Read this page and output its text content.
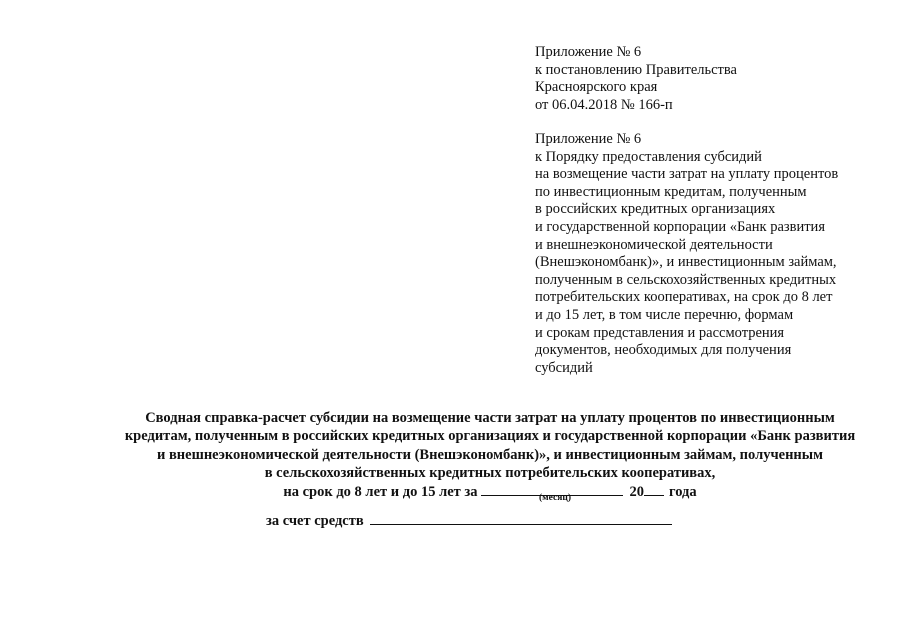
Приложение № 6
к постановлению Правительства
Красноярского края
от 06.04.2018 № 166-п
Приложение № 6
к Порядку предоставления субсидий
на возмещение части затрат на уплату процентов
по инвестиционным кредитам, полученным
в российских кредитных организациях
и государственной корпорации «Банк развития
и внешнеэкономической деятельности
(Внешэкономбанк)», и инвестиционным займам,
полученным в сельскохозяйственных кредитных
потребительских кооперативах, на срок до 8 лет
и до 15 лет, в том числе перечню, формам
и срокам представления и рассмотрения
документов, необходимых для получения
субсидий
Сводная справка-расчет субсидии на возмещение части затрат на уплату процентов по инвестиционным
кредитам, полученным в российских кредитных организациях и государственной корпорации «Банк развития
и внешнеэкономической деятельности (Внешэкономбанк)», и инвестиционным займам, полученным
в сельскохозяйственных кредитных потребительских кооперативах,
на срок до 8 лет и до 15 лет за	20 года
(месяц)
за счет средств
